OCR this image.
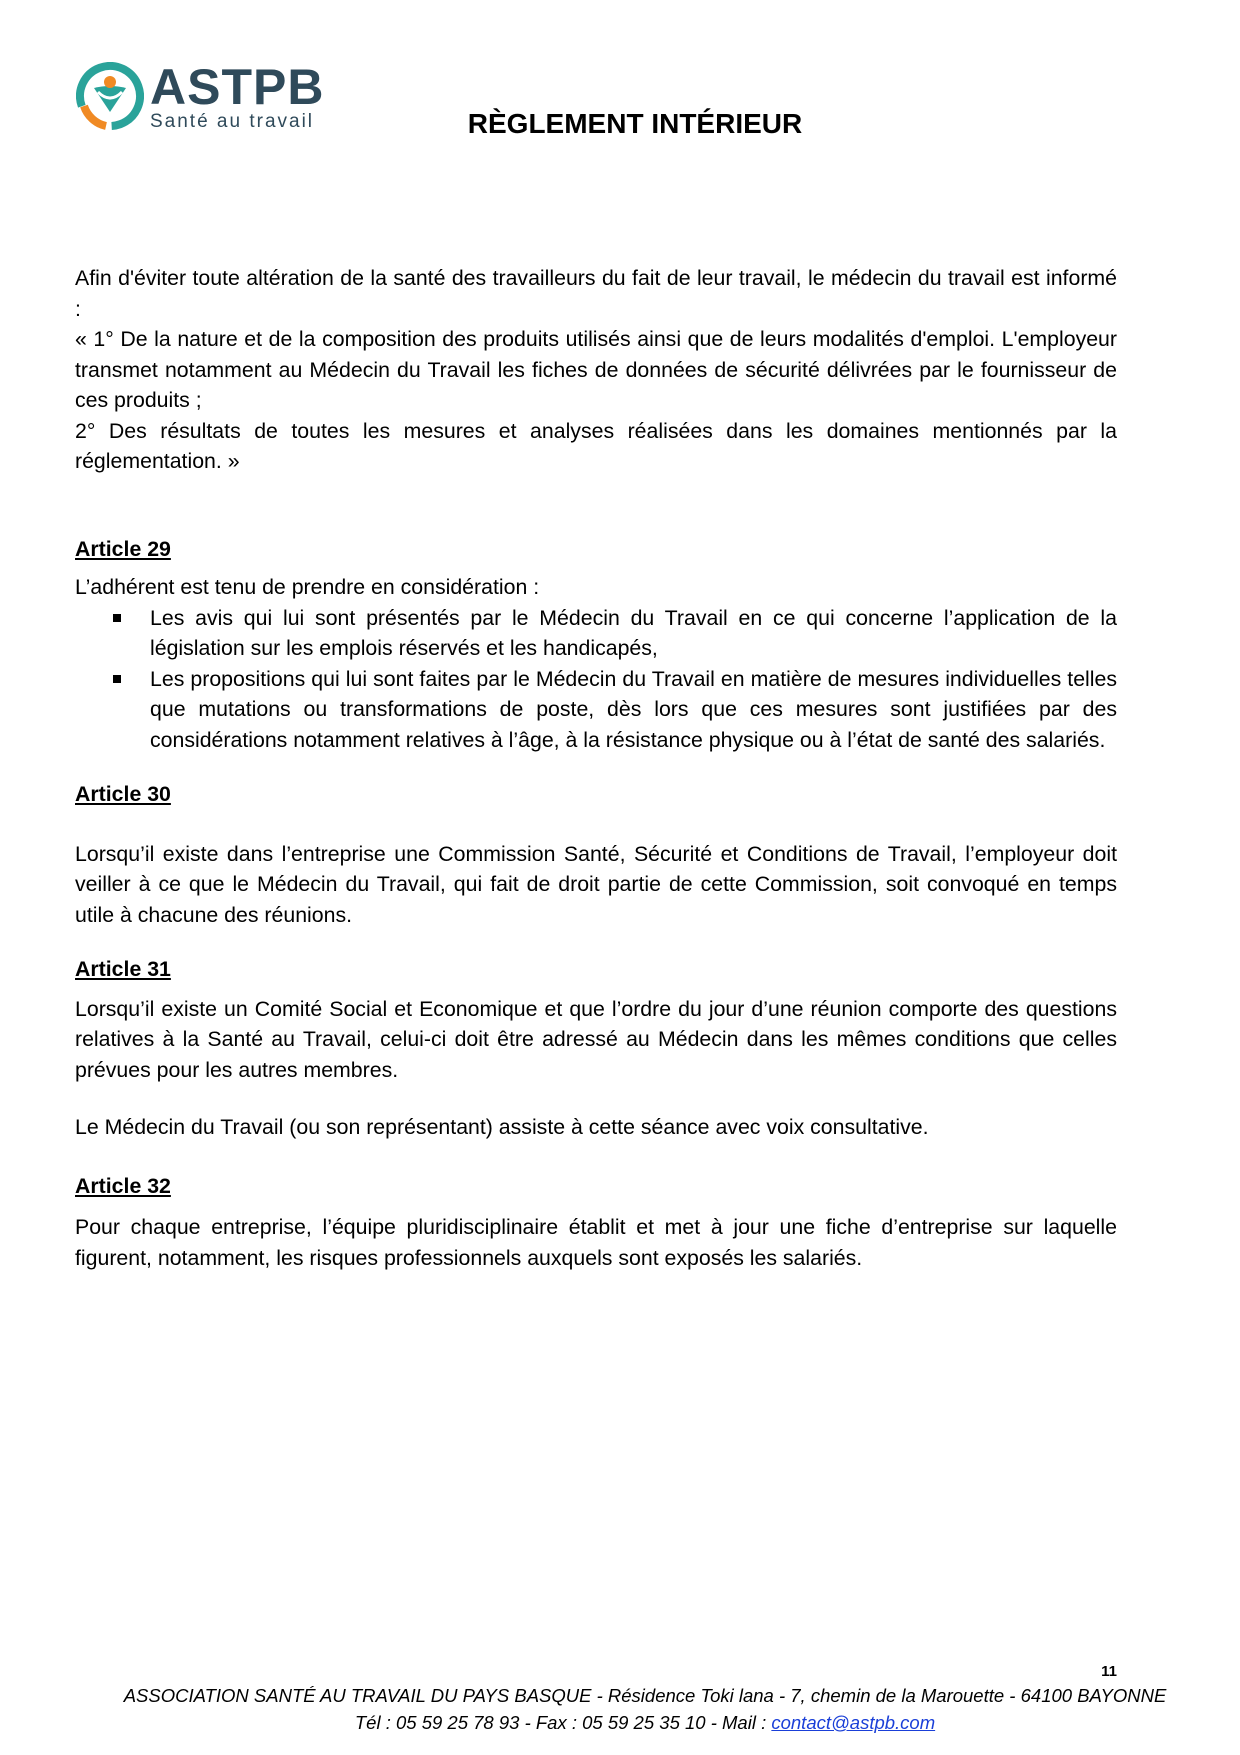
ASTPB
Santé au travail	RÈGLEMENT INTÉRIEUR

Afin d'éviter toute altération de la santé des travailleurs du fait de leur travail, le médecin du travail est informé :

« 1° De la nature et de la composition des produits utilisés ainsi que de leurs modalités d'emploi. L'employeur transmet notamment au Médecin du Travail les fiches de données de sécurité délivrées par le fournisseur de ces produits ;

2° Des résultats de toutes les mesures et analyses réalisées dans les domaines mentionnés par la réglementation. »

Article 29

L’adhérent est tenu de prendre en considération :

Les avis qui lui sont présentés par le Médecin du Travail en ce qui concerne l’application de la législation sur les emplois réservés et les handicapés,
Les propositions qui lui sont faites par le Médecin du Travail en matière de mesures individuelles telles que mutations ou transformations de poste, dès lors que ces mesures sont justifiées par des considérations notamment relatives à l’âge, à la résistance physique ou à l’état de santé des salariés.

Article 30

Lorsqu’il existe dans l’entreprise une Commission Santé, Sécurité et Conditions de Travail, l’employeur doit veiller à ce que le Médecin du Travail, qui fait de droit partie de cette Commission, soit convoqué en temps utile à chacune des réunions.

Article 31

Lorsqu’il existe un Comité Social et Economique et que l’ordre du jour d’une réunion comporte des questions relatives à la Santé au Travail, celui-ci doit être adressé au Médecin dans les mêmes conditions que celles prévues pour les autres membres.

Le Médecin du Travail (ou son représentant) assiste à cette séance avec voix consultative.

Article 32

Pour chaque entreprise, l’équipe pluridisciplinaire établit et met à jour une fiche d’entreprise sur laquelle figurent, notamment, les risques professionnels auxquels sont exposés les salariés.

11
ASSOCIATION SANTÉ AU TRAVAIL DU PAYS BASQUE - Résidence Toki lana - 7, chemin de la Marouette - 64100 BAYONNE
Tél : 05 59 25 78 93 - Fax : 05 59 25 35 10 - Mail : contact@astpb.com
